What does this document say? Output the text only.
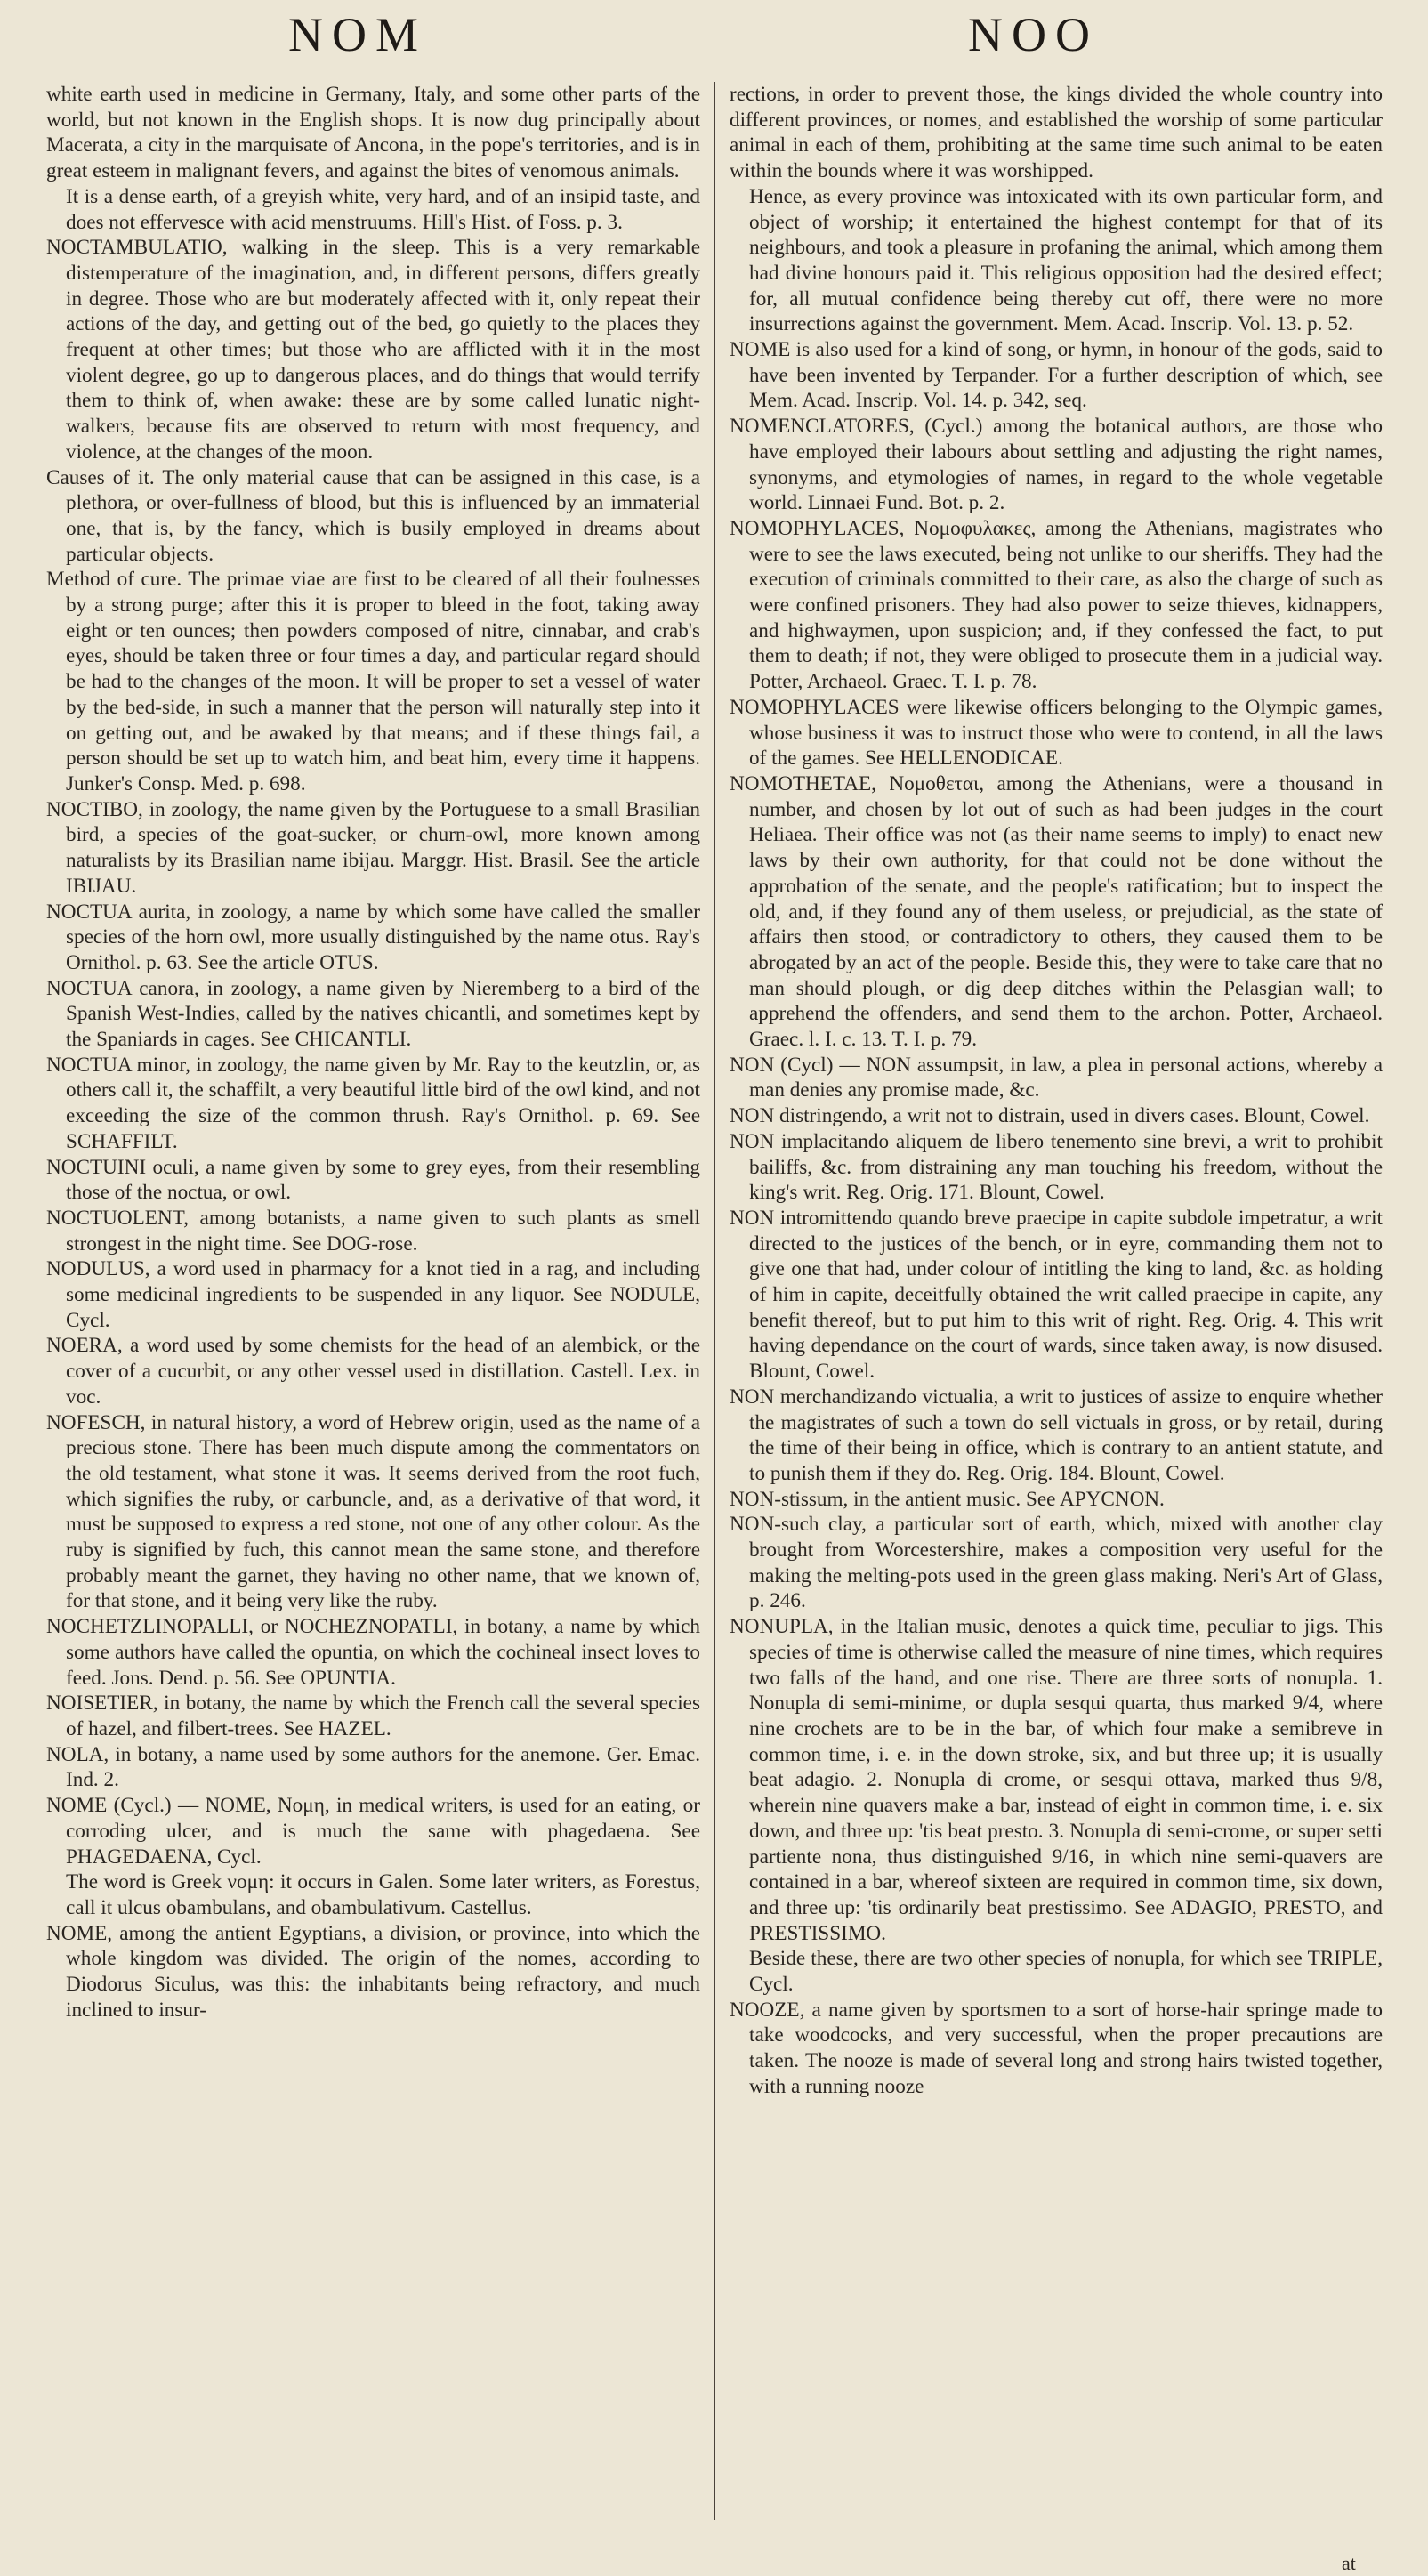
NOM	NOO

white earth used in medicine in Germany, Italy, and some other parts of the world, but not known in the English shops. It is now dug principally about Macerata, a city in the marquisate of Ancona, in the pope's territories, and is in great esteem in malignant fevers, and against the bites of venomous animals.

It is a dense earth, of a greyish white, very hard, and of an insipid taste, and does not effervesce with acid menstruums. Hill's Hist. of Foss. p. 3.

NOCTAMBULATIO, walking in the sleep. This is a very remarkable distemperature of the imagination, and, in different persons, differs greatly in degree. Those who are but moderately affected with it, only repeat their actions of the day, and getting out of the bed, go quietly to the places they frequent at other times; but those who are afflicted with it in the most violent degree, go up to dangerous places, and do things that would terrify them to think of, when awake: these are by some called lunatic night-walkers, because fits are observed to return with most frequency, and violence, at the changes of the moon.

Causes of it. The only material cause that can be assigned in this case, is a plethora, or over-fullness of blood, but this is influenced by an immaterial one, that is, by the fancy, which is busily employed in dreams about particular objects.

Method of cure. The primae viae are first to be cleared of all their foulnesses by a strong purge; after this it is proper to bleed in the foot, taking away eight or ten ounces; then powders composed of nitre, cinnabar, and crab's eyes, should be taken three or four times a day, and particular regard should be had to the changes of the moon. It will be proper to set a vessel of water by the bed-side, in such a manner that the person will naturally step into it on getting out, and be awaked by that means; and if these things fail, a person should be set up to watch him, and beat him, every time it happens. Junker's Consp. Med. p. 698.

NOCTIBO, in zoology, the name given by the Portuguese to a small Brasilian bird, a species of the goat-sucker, or churn-owl, more known among naturalists by its Brasilian name ibijau. Marggr. Hist. Brasil. See the article IBIJAU.

NOCTUA aurita, in zoology, a name by which some have called the smaller species of the horn owl, more usually distinguished by the name otus. Ray's Ornithol. p. 63. See the article OTUS.

NOCTUA canora, in zoology, a name given by Nieremberg to a bird of the Spanish West-Indies, called by the natives chicantli, and sometimes kept by the Spaniards in cages. See CHICANTLI.

NOCTUA minor, in zoology, the name given by Mr. Ray to the keutzlin, or, as others call it, the schaffilt, a very beautiful little bird of the owl kind, and not exceeding the size of the common thrush. Ray's Ornithol. p. 69. See SCHAFFILT.

NOCTUINI oculi, a name given by some to grey eyes, from their resembling those of the noctua, or owl.

NOCTUOLENT, among botanists, a name given to such plants as smell strongest in the night time. See DOG-rose.

NODULUS, a word used in pharmacy for a knot tied in a rag, and including some medicinal ingredients to be suspended in any liquor. See NODULE, Cycl.

NOERA, a word used by some chemists for the head of an alembick, or the cover of a cucurbit, or any other vessel used in distillation. Castell. Lex. in voc.

NOFESCH, in natural history, a word of Hebrew origin, used as the name of a precious stone. There has been much dispute among the commentators on the old testament, what stone it was. It seems derived from the root fuch, which signifies the ruby, or carbuncle, and, as a derivative of that word, it must be supposed to express a red stone, not one of any other colour. As the ruby is signified by fuch, this cannot mean the same stone, and therefore probably meant the garnet, they having no other name, that we known of, for that stone, and it being very like the ruby.

NOCHETZLINOPALLI, or NOCHEZNOPATLI, in botany, a name by which some authors have called the opuntia, on which the cochineal insect loves to feed. Jons. Dend. p. 56. See OPUNTIA.

NOISETIER, in botany, the name by which the French call the several species of hazel, and filbert-trees. See HAZEL.

NOLA, in botany, a name used by some authors for the anemone. Ger. Emac. Ind. 2.

NOME (Cycl.) — NOME, Νομη, in medical writers, is used for an eating, or corroding ulcer, and is much the same with phagedaena. See PHAGEDAENA, Cycl.

The word is Greek νομη: it occurs in Galen. Some later writers, as Forestus, call it ulcus obambulans, and obambulativum. Castellus.

NOME, among the antient Egyptians, a division, or province, into which the whole kingdom was divided. The origin of the nomes, according to Diodorus Siculus, was this: the inhabitants being refractory, and much inclined to insur-

rections, in order to prevent those, the kings divided the whole country into different provinces, or nomes, and established the worship of some particular animal in each of them, prohibiting at the same time such animal to be eaten within the bounds where it was worshipped.

Hence, as every province was intoxicated with its own particular form, and object of worship; it entertained the highest contempt for that of its neighbours, and took a pleasure in profaning the animal, which among them had divine honours paid it. This religious opposition had the desired effect; for, all mutual confidence being thereby cut off, there were no more insurrections against the government. Mem. Acad. Inscrip. Vol. 13. p. 52.

NOME is also used for a kind of song, or hymn, in honour of the gods, said to have been invented by Terpander. For a further description of which, see Mem. Acad. Inscrip. Vol. 14. p. 342, seq.

NOMENCLATORES, (Cycl.) among the botanical authors, are those who have employed their labours about settling and adjusting the right names, synonyms, and etymologies of names, in regard to the whole vegetable world. Linnaei Fund. Bot. p. 2.

NOMOPHYLACES, Νομοφυλακες, among the Athenians, magistrates who were to see the laws executed, being not unlike to our sheriffs. They had the execution of criminals committed to their care, as also the charge of such as were confined prisoners. They had also power to seize thieves, kidnappers, and highwaymen, upon suspicion; and, if they confessed the fact, to put them to death; if not, they were obliged to prosecute them in a judicial way. Potter, Archaeol. Graec. T. I. p. 78.

NOMOPHYLACES were likewise officers belonging to the Olympic games, whose business it was to instruct those who were to contend, in all the laws of the games. See HELLENODICAE.

NOMOTHETAE, Νομοθεται, among the Athenians, were a thousand in number, and chosen by lot out of such as had been judges in the court Heliaea. Their office was not (as their name seems to imply) to enact new laws by their own authority, for that could not be done without the approbation of the senate, and the people's ratification; but to inspect the old, and, if they found any of them useless, or prejudicial, as the state of affairs then stood, or contradictory to others, they caused them to be abrogated by an act of the people. Beside this, they were to take care that no man should plough, or dig deep ditches within the Pelasgian wall; to apprehend the offenders, and send them to the archon. Potter, Archaeol. Graec. l. I. c. 13. T. I. p. 79.

NON (Cycl) — NON assumpsit, in law, a plea in personal actions, whereby a man denies any promise made, &c.

NON distringendo, a writ not to distrain, used in divers cases. Blount, Cowel.

NON implacitando aliquem de libero tenemento sine brevi, a writ to prohibit bailiffs, &c. from distraining any man touching his freedom, without the king's writ. Reg. Orig. 171. Blount, Cowel.

NON intromittendo quando breve praecipe in capite subdole impetratur, a writ directed to the justices of the bench, or in eyre, commanding them not to give one that had, under colour of intitling the king to land, &c. as holding of him in capite, deceitfully obtained the writ called praecipe in capite, any benefit thereof, but to put him to this writ of right. Reg. Orig. 4. This writ having dependance on the court of wards, since taken away, is now disused. Blount, Cowel.

NON merchandizando victualia, a writ to justices of assize to enquire whether the magistrates of such a town do sell victuals in gross, or by retail, during the time of their being in office, which is contrary to an antient statute, and to punish them if they do. Reg. Orig. 184. Blount, Cowel.

NON-stissum, in the antient music. See APYCNON.

NON-such clay, a particular sort of earth, which, mixed with another clay brought from Worcestershire, makes a composition very useful for the making the melting-pots used in the green glass making. Neri's Art of Glass, p. 246.

NONUPLA, in the Italian music, denotes a quick time, peculiar to jigs. This species of time is otherwise called the measure of nine times, which requires two falls of the hand, and one rise. There are three sorts of nonupla. 1. Nonupla di semi-minime, or dupla sesqui quarta, thus marked 9/4, where nine crochets are to be in the bar, of which four make a semibreve in common time, i. e. in the down stroke, six, and but three up; it is usually beat adagio. 2. Nonupla di crome, or sesqui ottava, marked thus 9/8, wherein nine quavers make a bar, instead of eight in common time, i. e. six down, and three up: 'tis beat presto. 3. Nonupla di semi-crome, or super setti partiente nona, thus distinguished 9/16, in which nine semi-quavers are contained in a bar, whereof sixteen are required in common time, six down, and three up: 'tis ordinarily beat prestissimo. See ADAGIO, PRESTO, and PRESTISSIMO.

Beside these, there are two other species of nonupla, for which see TRIPLE, Cycl.

NOOZE, a name given by sportsmen to a sort of horse-hair springe made to take woodcocks, and very successful, when the proper precautions are taken. The nooze is made of several long and strong hairs twisted together, with a running nooze

at
